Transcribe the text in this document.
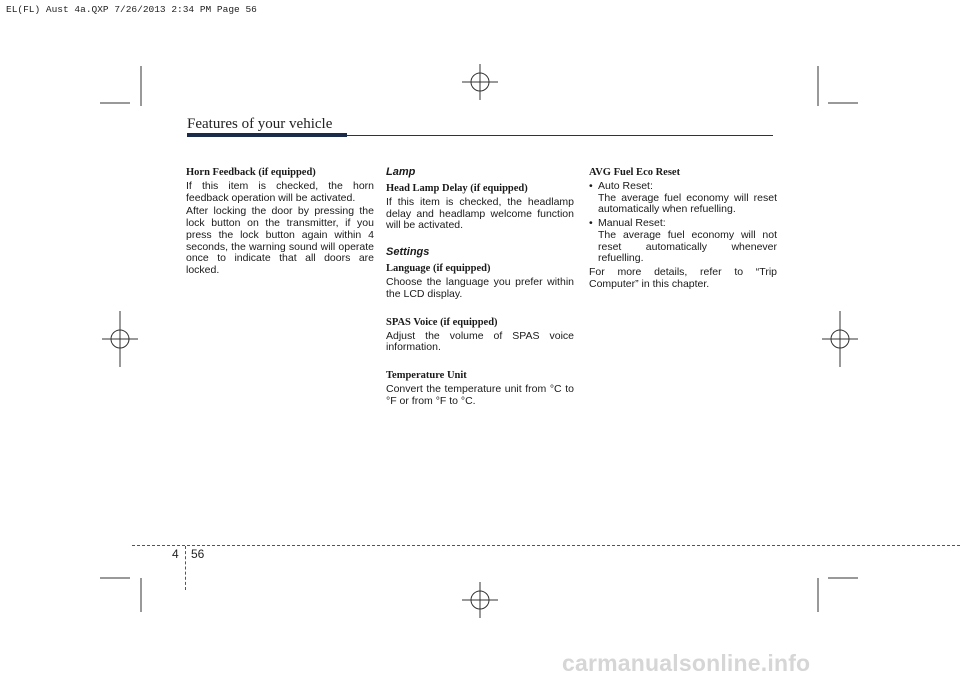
EL(FL) Aust 4a.QXP 7/26/2013 2:34 PM Page 56
Features of your vehicle
Horn Feedback (if equipped)

If this item is checked, the horn feedback operation will be activated.

After locking the door by pressing the lock button on the transmitter, if you press the lock button again within 4 seconds, the warning sound will operate once to indicate that all doors are locked.

Lamp
Head Lamp Delay (if equipped)

If this item is checked, the headlamp delay and headlamp welcome function will be activated.

Settings
Language (if equipped)

Choose the language you prefer within the LCD display.

SPAS Voice (if equipped)

Adjust the volume of SPAS voice information.

Temperature Unit

Convert the temperature unit from °C to °F or from °F to °C.

AVG Fuel Eco Reset
• Auto Reset:
The average fuel economy will reset automatically when refuelling.
• Manual Reset:
The average fuel economy will not reset automatically whenever refuelling.

For more details, refer to “Trip Computer” in this chapter.

4 56
carmanualsonline.info
